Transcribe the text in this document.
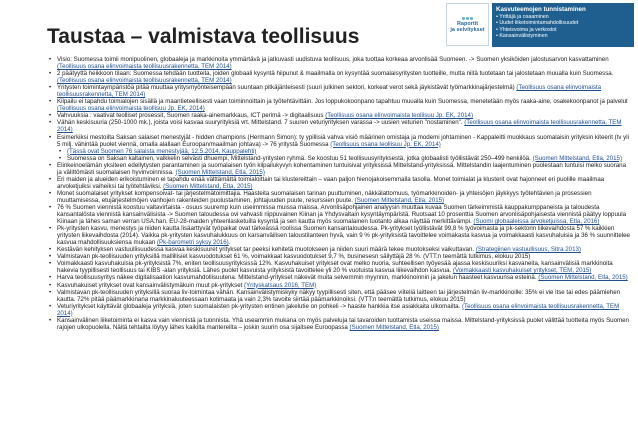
Raportit
ja selvitykset
Kasvuteemojen tunnistaminen
• Yrittäjä ja osaaminen
• Uudet liiketoimintamahdollisuudet
• Yhteisvoima ja verkostot
• Kansainvälistyminen
Taustaa – valmistava teollisuus
• Visio: Suomessa toimii monipuolinen, globaaleja ja markkinoita ymmärtävä ja jatkuvasti uudistuva teollisuus, joka tuottaa korkeaa arvonlisää Suomeen. -> Suomen yksiköiden jalostusarvon kasvattaminen (Teollisuus osana elinvoimaista teollisuusrakennetta, TEM 2014)
• 2 päätyyttä heikkoon tilaan: Suomessa tehdään tuotteita, joiden globaali kysyntä hiipunut & maailmalla on kysyntää suomalaisyritysten tuotteille, mutta niitä tuotetaan tai jalostetaan muualla kuin Suomessa. (Teollisuus osana elinvoimaista teollisuusrakennetta, TEM 2014)
• Yritysten toimintaympäristöä pitää muuttaa yritysmyönteisempään suuntaan pitkäjänteisesti (suuri julkinen sektori, korkeat verot sekä jäykistävät työmarkkinajärjestelmä) (Teollisuus osana elinvoimaista teollisuusrakennetta, TEM 2014)
• Kilpailu ei tapahdu toimialojen sisällä ja maantieteellisesti vaan toiminnoittain ja työtehtävittäin. Jos loppukokoonpano tapahtuu muualla kuin Suomessa, menetetään myös raaka-aine, osakekoonpanot ja palvelut (Teollisuus osana elinvoimaista teollisuu Jp. EK, 2014)
• Vahvuuksia : vaativat teolliset prosessit, Suomen raaka-ainemarkkaus, ICT perimä -> digitaalisuus (Teollisuus osana elinvoimaista teollisuu Jp. EK, 2014)
• Vähän keskisuuria (250-1000 mk.), joista voisi kasvaa suuryrityksiä vrt. Mittelstand. 7 suuren veturiyrityksen varassa -> uusien veturien "nostaminen". (Teollisuus osana elinvoimaista teollisuusrakennetta, TEM 2014)
• Esimerkiksi mestoilta Saksan salaiset menestyjät - hidden champions (Hermann Simon): ty ypillisiä vahva visiö määrinen omistaja ja modemi johtaminen - Kappaleitti muokkaus suomalaisin yrityksin kiteerit (tv yli 5 milj. vähintää puolet viennä, omalla alallaan Euroopan/maailman johtava) -> 76 yritystä Suomessa (Teollisuus osana teollisuu Jp. EK, 2014)
• (Tässä ovat Suomen 76 salaista menestyjää, 12.5.2014, Kauppalehti)
• Suomessa on Saksan kaltainen, valkkelin selvästi dhuempi, Mittelstand-yritysten ryhmä. Se koostuu 51 teollisuusyrityksestä, jotka globaalisti työllistävät 250–499 henkilöä. (Suomen Mittelstand, Etla, 2015)
• Elinkeinoelämän yksiteen edellytysten parantaminen ja suomalaisen työn kilpailukyvyn kohentaminen tuntuisivat yrityksissä Mittelstand-yrityksissä. Mittelstandin laajentuminen puolestaan tuntuisi melko suorana ja välittömästi suomalaisen hyvinvoinnissa. (Suomen Mittelstand, Etla, 2015)
• Eri maiden ja alueiden erikoistuminen ei tapahdu enää välttämättä toimialoittain tai klustereittain – vaan paljon hienojakoisemmalla tasolla. Monet toimialat ja klusterit ovat hajonneet eri puolille maailmaa arvoketjuiksi vaiheiksi tai työtehtäviksi. (Suomen Mittelstand, Etla, 2015)
• Monet suomalaiset yritykset kompensoivat- tai järjestelmätoimittajia. Haasteita suomalaisen tarinan puuttuminen, näkkälattomuus, työmarkkinoiden- ja yhteisöjen jäykkyys työtehtävien ja prosessien muuttamisessa, etujärjestelmöjen vanhojen rakenteiden puolustaminen, johtajuuden puute, resurssien puute. (Suomen Mittelstand, Etla, 2015)
• 76 % Suomen viennistä koostuu valtavirtaista - osuus suuremp kuin useimmissa muissa maissa. Arvonlisäpohjainen analyysin muuttaa kuvaa Suomen tärkeimmistä kauppakumppaneista ja taloudesta kansantalösta viennistä kansainvälisista -> Suomen taloudessa ovi vahvasti riippuvainen Kiinan ja Yhdysvaltain kysyntäympäristä. Ruotsaat 10 prosenttia Suomen arvonlisäpohjaisesta viennistä päätyy loppuula Kiinaan ja lähes saman verran USA:han. EU-28-maiden yhteenlasketuilla kysyntä ja sen kautta myös suomalainen tuotanto alkaa näyttää merkittävämpi. (Suomi globaaleissa arvoketjuissa, Etla, 2016)
• Pk-yritysten kasvu, menestys ja niiden kautta lisäarttyvät työpaikat ovat tärkeässä roolissa Suomen kansantaloudessa. Pk-yritykset työllistävät 99,8 % työvoimasta ja pk-sektorin liikevaihdosta 57 % kaikkien yritysten liikevaihdosta (2014). Vaikka pk-yritysten kasvuhalukkuus on karsanväilisen taloustilanteen hyvä, vain 9 % pk-yrityksistä tavoittelee voimakasta kasvua ja voimakkaasti kasvuhaluisia ja 36 % suunnittelee kasvua mahdollisuuksiensa mukaan (Pk-barometri syksy 2016).
• Kestävän kehityksen vastuullisuudessa kasvaa keskisuuret yritykset tar peeksi kehitetä muotokseen ja niiden suuri määrä tekee muotokseksi vaikuttavan. (Strategiinen vastuullisuus, Sitra 2013)
• Valmistavan pk-teollisuuden yrityksillä mallillisiet kasvuodotukset 61 %, voimakkaat kasvuodotukset 9,7 %, businesesn säilyttäjä 28 %. (VTT:n teemättä tutkimus, elokuu 2015)
• Voimakkaasti kasvuhakuisia pk-yrityksistä 7%, eniten teollisuusyrityksissä 12%. Kasvuhakuiset yritykset ovat melko nuoria, suhteellisen työyesää ajassa keskisuuriksi kasvaneita, kansainvälisiä markkinoita hakevia tyypillisesti teollisuus tai KIBS -alan yrityksiä. Lähes puolet kasvuista yrityksistä tavoittelee yli 20 % vuotuista kasvua liikevaihdon kasvua. (Voimakkaasti kasvuhakuiset yritykset, TEM, 2015)
• Harva teollisuusyritys näkee digitalisaation kasvumahdollisuutena. Mittelstand-yritykset näkevät muita selvemmin myynnin, markkinoinnin ja jakelun haasteet kasvuunsa esteinä. (Suomen Mittelstand, Etla, 2015)
• Kasvuhakuiset yritykset ovat kansainvälistymäkuin muut pk-yritykset (Yrityskatsaus 2016, TEM)
• Valmistavan pk-teollisuuden yrityksillä suoraa liv-toimintaa vähän. Kansainvälistymiskyky näkyy tyypillisesti siten, että pääsee viiteliä laitteen tai järjestelmän liv-markkinoille: 35% ei vie itse tai edes päämiehen kautta. 72% pitää päämarkkinana markkinaluuteessaan kotimaata ja vain 2,3% tavoite siirtää päämarkkinoiksi. (VTT:n teemättä tutkimus, elokuu 2015)
• Veturiyritykset käyttävät globaaleja yrityksiä, joten suomalaisten pk-yritysten entinen jakelutie on pohkeli -> haaste hankkia itse asiakkaita ulkomailta. (Teollisuus osana elinvoimaista teollisuusrakennetta, TEM 2014)
• Kansainvälinen liiketoiminta ei kasva vain viennistä ja tuonnista. Yhä useammin mukana on myös palveluja tai tavaroiden tuottamista useissa maissa. Mittelstand-yrityksissä puolet välittää tuotteita myös Suomen rajojen ulkopuolella. Näitä tehtailta löytyy lähes kaikilta mantereilta – joskin suurin osa sijaitsee Euroopassa (Suomen Mittelstand, Etla, 2015)
